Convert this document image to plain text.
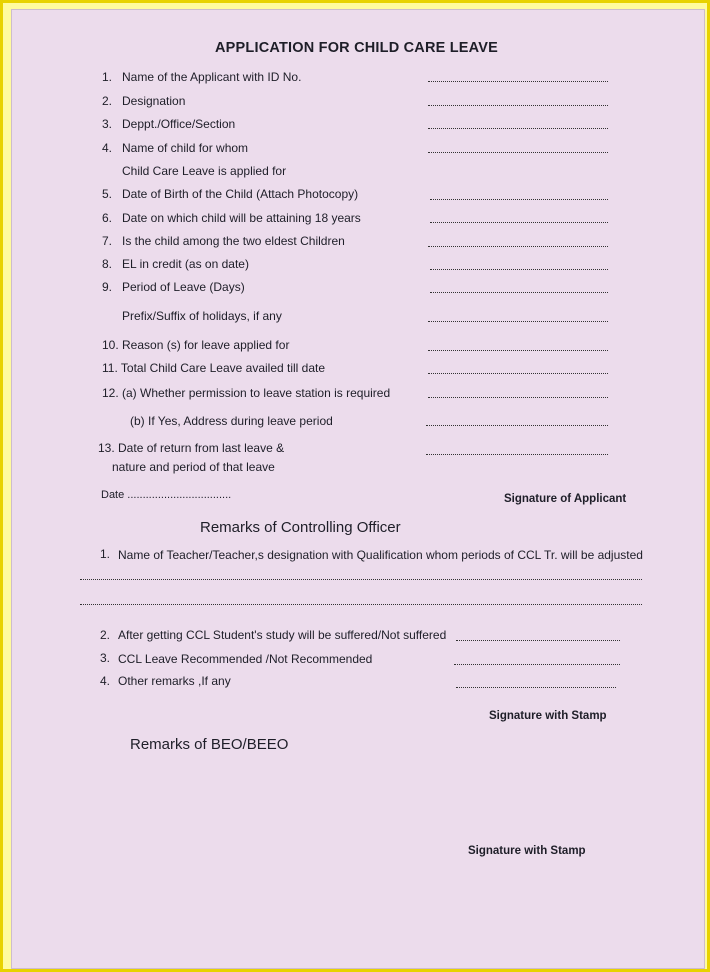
APPLICATION FOR CHILD CARE LEAVE
1. Name of the Applicant with ID No.
2. Designation
3. Deppt./Office/Section
4. Name of child for whom
Child Care Leave is applied for
5. Date of Birth of the Child (Attach Photocopy)
6. Date on which child will be attaining 18 years
7. Is the child among the two eldest Children
8. EL in credit (as on date)
9. Period of Leave (Days)
Prefix/Suffix of holidays, if any
10. Reason (s) for leave applied for
11. Total Child Care Leave availed till date
12. (a) Whether permission to leave station is required
(b) If Yes, Address during leave period
13. Date of return from last leave &
nature and period of that leave
Date ..................................	Signature of Applicant
Remarks of Controlling Officer
1. Name of Teacher/Teacher,s designation with Qualification whom periods of CCL Tr. will be adjusted
2. After getting CCL Student's study will be suffered/Not suffered
3. CCL Leave Recommended /Not Recommended
4. Other remarks ,If any
Signature with Stamp
Remarks of BEO/BEEO
Signature with Stamp
